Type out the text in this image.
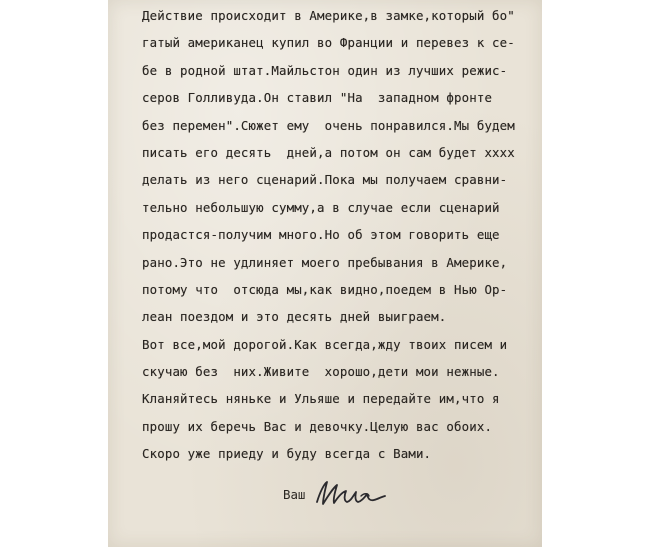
Действие происходит в Америке,в замке,который бо"
гатый американец купил во Франции и перевез к се-
бе в родной штат.Майльстон один из лучших режис-
серов Голливуда.Он ставил "На  западном фронте
без перемен".Сюжет ему  очень понравился.Мы будем
писать его десять  дней,а потом он сам будет xxxx
делать из него сценарий.Пока мы получаем сравни-
тельно небольшую сумму,а в случае если сценарий
продастся-получим много.Но об этом говорить еще
рано.Это не удлиняет моего пребывания в Америке,
потому что  отсюда мы,как видно,поедем в Нью Ор-
леан поездом и это десять дней выиграем.
Вот все,мой дорогой.Как всегда,жду твоих писем и
скучаю без  них.Живите  хорошо,дети мои нежные.
Кланяйтесь няньке и Ульяше и передайте им,что я
прошу их беречь Вас и девочку.Целую вас обоих.
Скоро уже приеду и буду всегда с Вами.
Ваш
